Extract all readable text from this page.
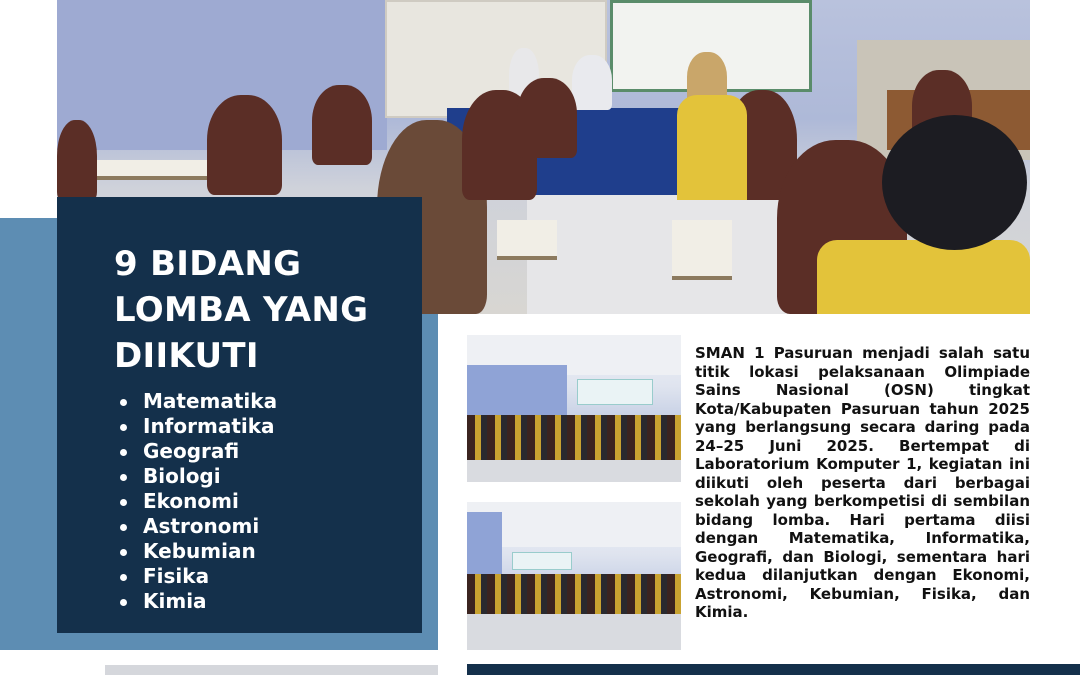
9 BIDANG LOMBA YANG DIIKUTI
Matematika
Informatika
Geografi
Biologi
Ekonomi
Astronomi
Kebumian
Fisika
Kimia

SMAN 1 Pasuruan menjadi salah satu titik lokasi pelaksanaan Olimpiade Sains Nasional (OSN) tingkat Kota/Kabupaten Pasuruan tahun 2025 yang berlangsung secara daring pada 24–25 Juni 2025. Bertempat di Laboratorium Komputer 1, kegiatan ini diikuti oleh peserta dari berbagai sekolah yang berkompetisi di sembilan bidang lomba. Hari pertama diisi dengan Matematika, Informatika, Geografi, dan Biologi, sementara hari kedua dilanjutkan dengan Ekonomi, Astronomi, Kebumian, Fisika, dan Kimia.
